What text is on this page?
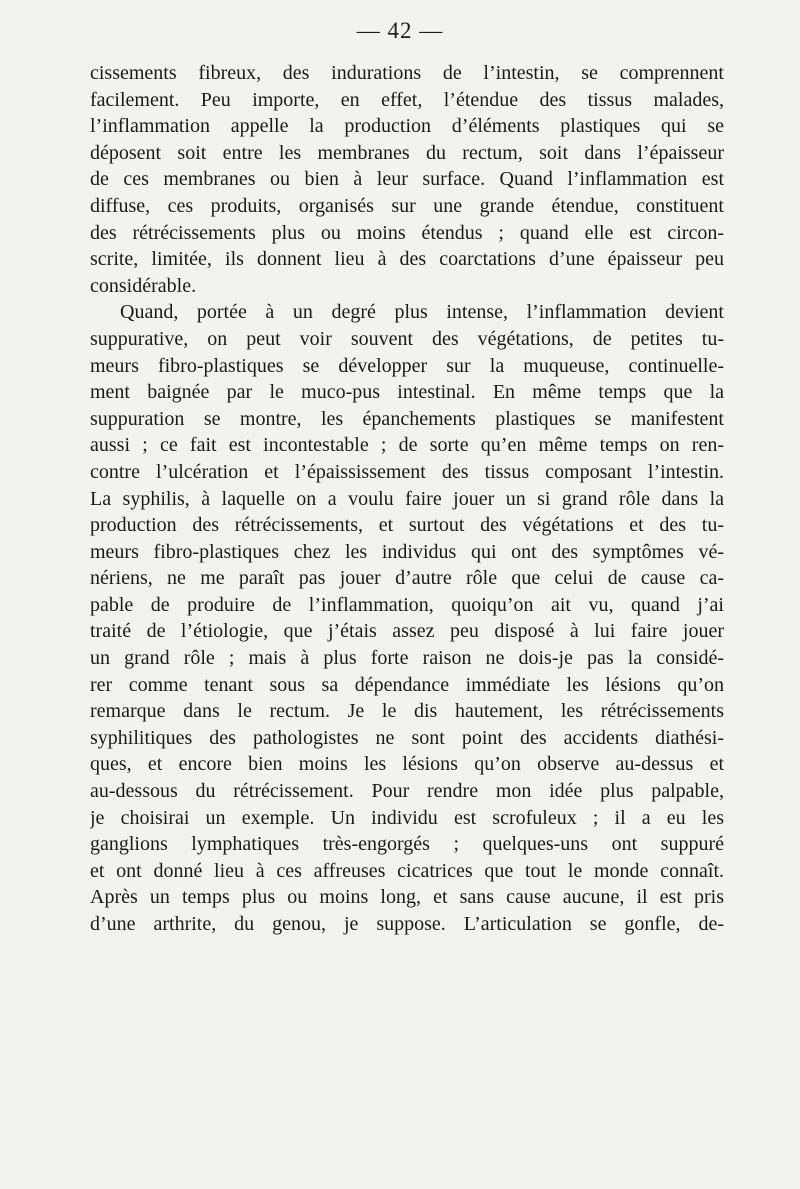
— 42 —
cissements fibreux, des indurations de l’intestin, se comprennent
facilement. Peu importe, en effet, l’étendue des tissus malades,
l’inflammation appelle la production d’éléments plastiques qui se
déposent soit entre les membranes du rectum, soit dans l’épaisseur
de ces membranes ou bien à leur surface. Quand l’inflammation est
diffuse, ces produits, organisés sur une grande étendue, constituent
des rétrécissements plus ou moins étendus ; quand elle est circon-
scrite, limitée, ils donnent lieu à des coarctations d’une épaisseur peu
considérable.
Quand, portée à un degré plus intense, l’inflammation devient
suppurative, on peut voir souvent des végétations, de petites tu-
meurs fibro-plastiques se développer sur la muqueuse, continuelle-
ment baignée par le muco-pus intestinal. En même temps que la
suppuration se montre, les épanchements plastiques se manifestent
aussi ; ce fait est incontestable ; de sorte qu’en même temps on ren-
contre l’ulcération et l’épaississement des tissus composant l’intestin.
La syphilis, à laquelle on a voulu faire jouer un si grand rôle dans la
production des rétrécissements, et surtout des végétations et des tu-
meurs fibro-plastiques chez les individus qui ont des symptômes vé-
nériens, ne me paraît pas jouer d’autre rôle que celui de cause ca-
pable de produire de l’inflammation, quoiqu’on ait vu, quand j’ai
traité de l’étiologie, que j’étais assez peu disposé à lui faire jouer
un grand rôle ; mais à plus forte raison ne dois-je pas la considé-
rer comme tenant sous sa dépendance immédiate les lésions qu’on
remarque dans le rectum. Je le dis hautement, les rétrécissements
syphilitiques des pathologistes ne sont point des accidents diathési-
ques, et encore bien moins les lésions qu’on observe au-dessus et
au-dessous du rétrécissement. Pour rendre mon idée plus palpable,
je choisirai un exemple. Un individu est scrofuleux ; il a eu les
ganglions lymphatiques très-engorgés ; quelques-uns ont suppuré
et ont donné lieu à ces affreuses cicatrices que tout le monde connaît.
Après un temps plus ou moins long, et sans cause aucune, il est pris
d’une arthrite, du genou, je suppose. L’articulation se gonfle, de-
